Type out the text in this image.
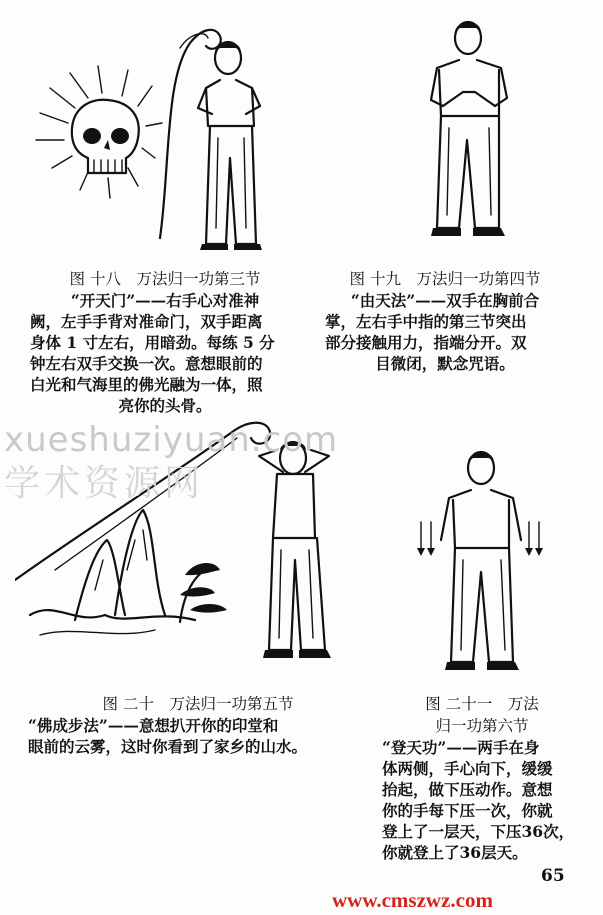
图 十八　万法归一功第三节

“开天门”——右手心对准神

阙，左手手背对准命门，双手距离

身体 1 寸左右，用暗劲。每练 5 分

钟左右双手交换一次。意想眼前的

白光和气海里的佛光融为一体，照

亮你的头骨。

图 十九　万法归一功第四节

“由天法”——双手在胸前合

掌，左右手中指的第三节突出

部分接触用力，指端分开。双

目微闭，默念咒语。

xueshuziyuan.com
学术资源网

图 二十　万法归一功第五节

“佛成步法”——意想扒开你的印堂和

眼前的云雾，这时你看到了家乡的山水。

图 二十一　万法

归一功第六节

“登天功”——两手在身

体两侧，手心向下，缓缓

抬起，做下压动作。意想

你的手每下压一次，你就

登上了一层天，下压36次，

你就登上了36层天。

65
www.cmszwz.com
